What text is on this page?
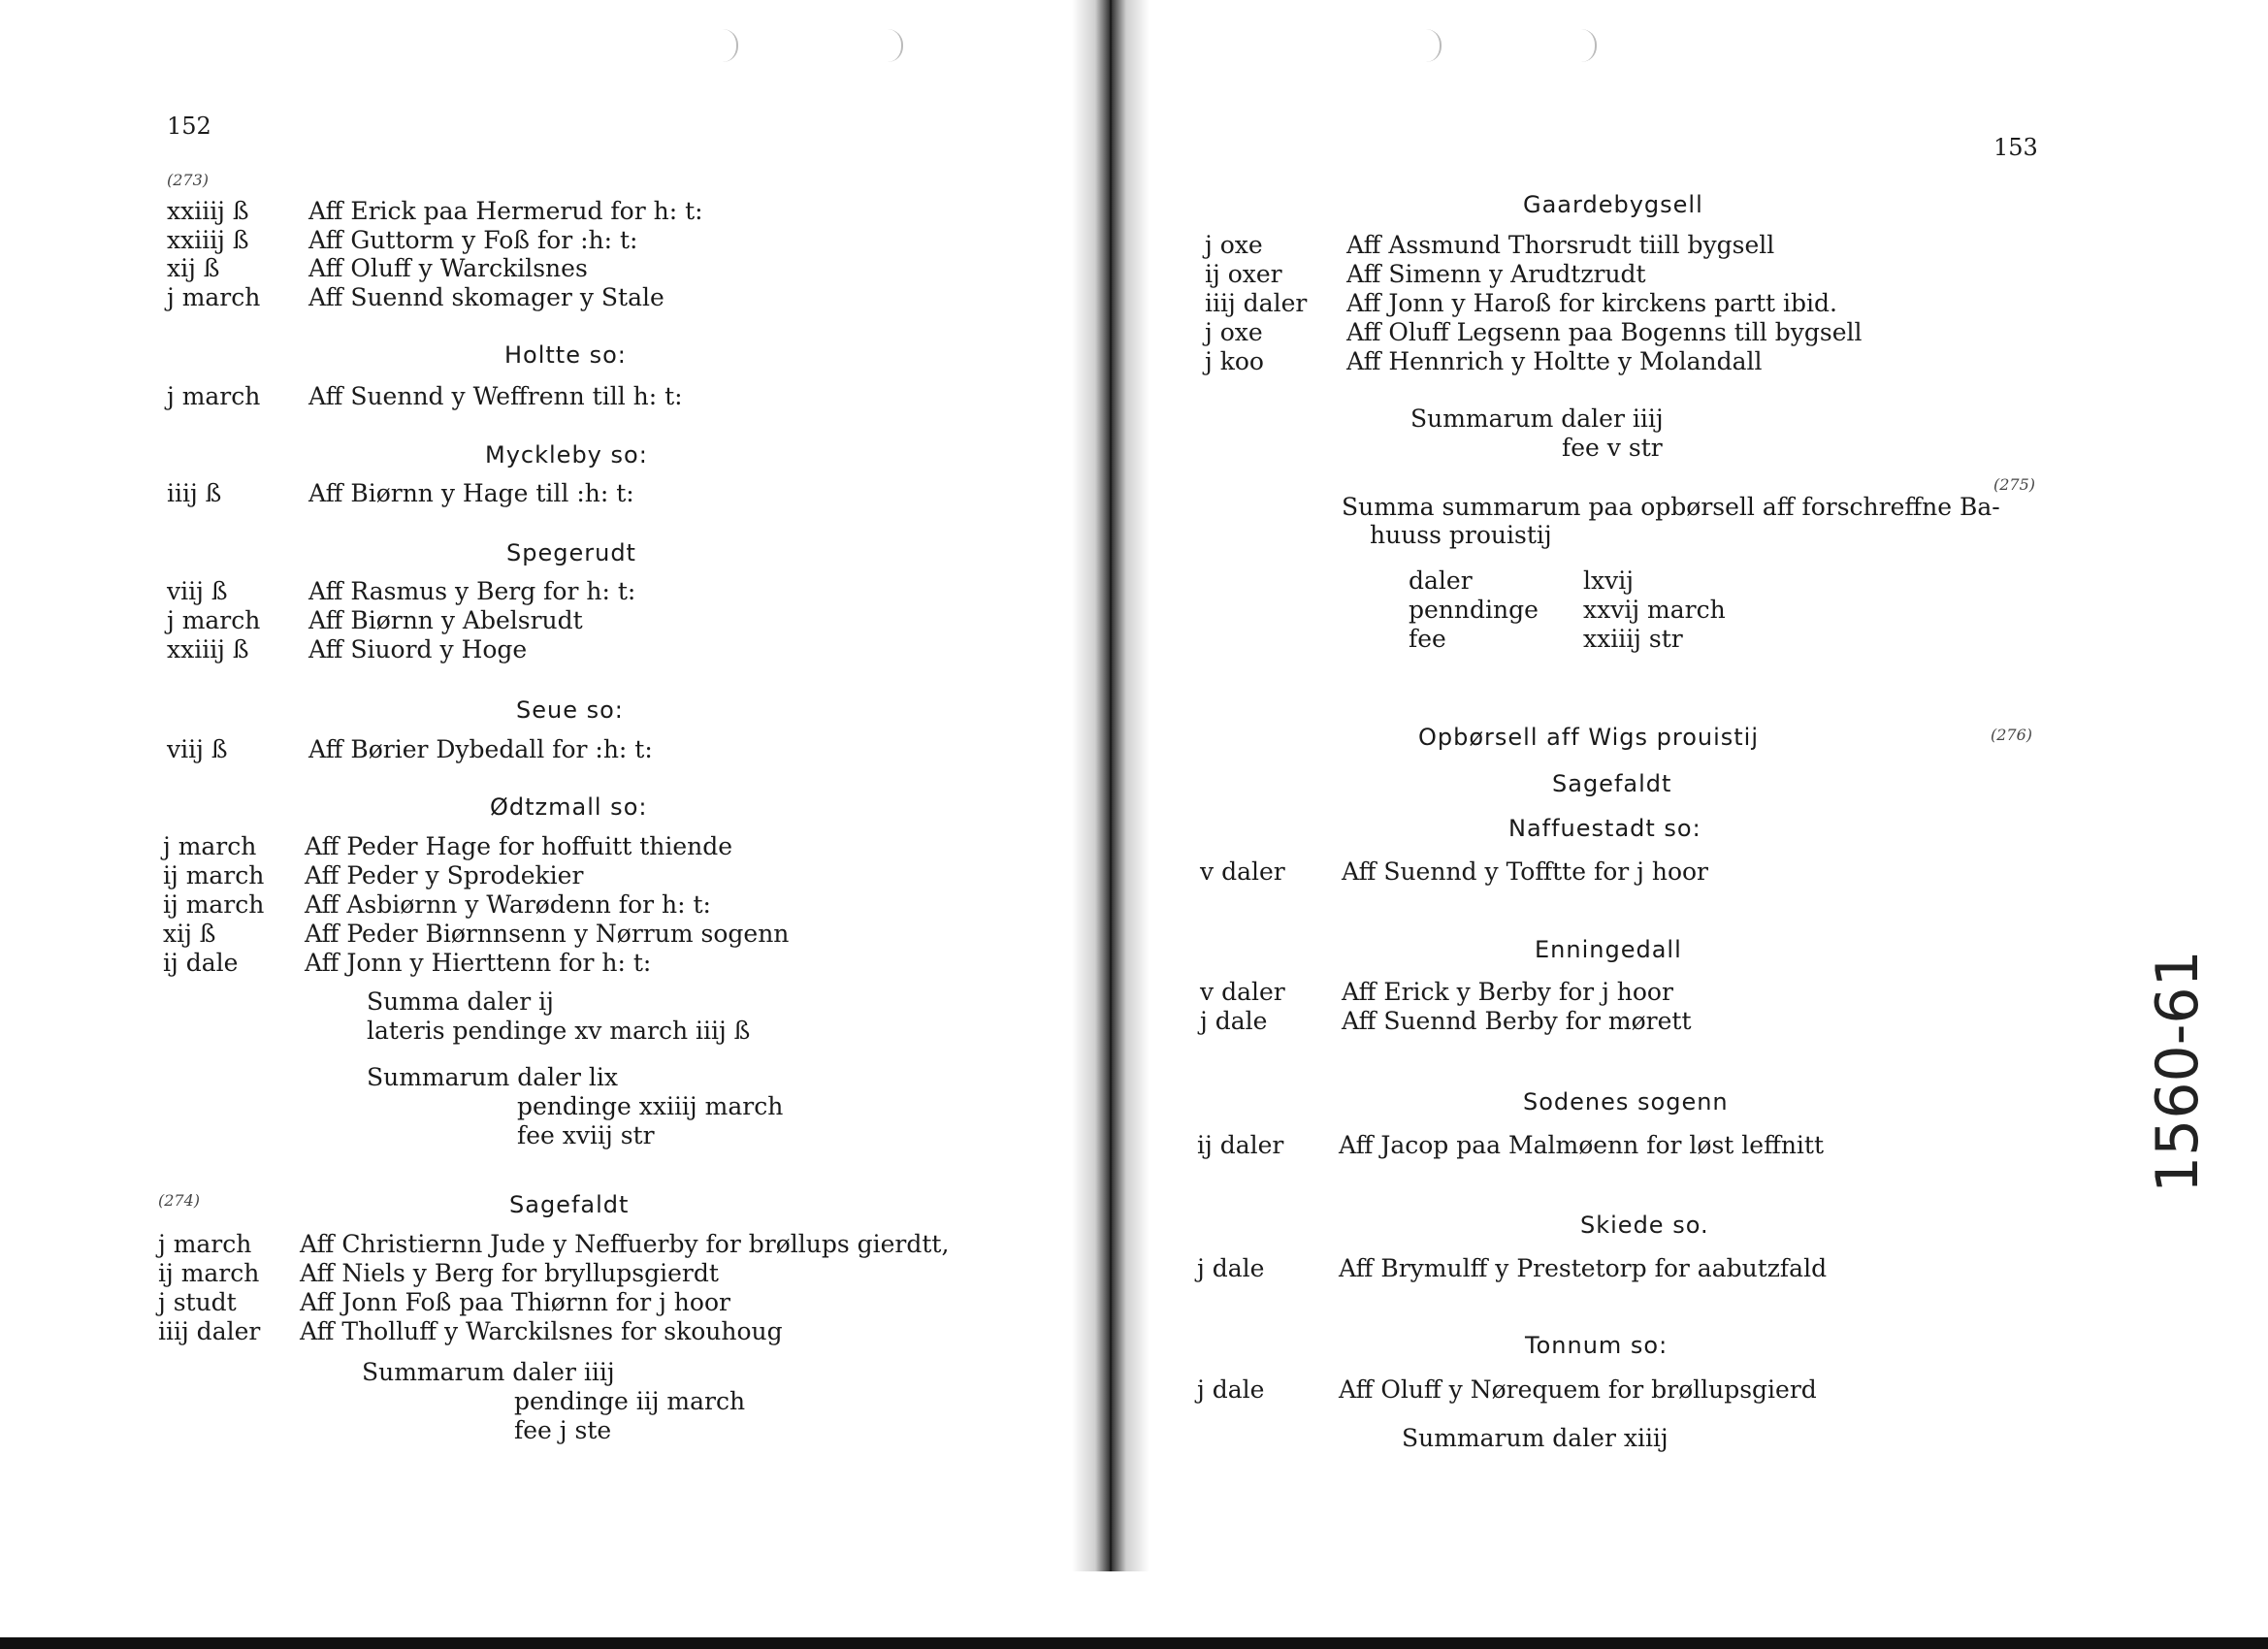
152
(273)
xxiiij ß Aff Erick paa Hermerud for h: t:
xxiiij ß Aff Guttorm y Foß for :h: t:
xij ß	Aff Oluff y Warckilsnes
j march Aff Suennd skomager y Stale
Holtte so:
j march Aff Suennd y Weffrenn till h: t:
Myckleby so:
iiij ß	Aff Biørnn y Hage till :h: t:
Spegerudt
viij ß	Aff Rasmus y Berg for h: t:
j march Aff Biørnn y Abelsrudt
xxiiij ß Aff Siuord y Hoge
Seue so:
viij ß	Aff Børier Dybedall for :h: t:
Ødtzmall so:
j march Aff Peder Hage for hoffuitt thiende
ij march Aff Peder y Sprodekier
ij march Aff Asbiørnn y Warødenn for h: t:
xij ß	Aff Peder Biørnnsenn y Nørrum sogenn
ij dale	Aff Jonn y Hierttenn for h: t:
Summa daler ij
lateris pendinge xv march iiij ß
Summarum daler lix
pendinge xxiiij march
fee xviij str
(274)	Sagefaldt
j march Aff Christiernn Jude y Neffuerby for brøllups gierdtt,
ij march Aff Niels y Berg for bryllupsgierdt
j studt	Aff Jonn Foß paa Thiørnn for j hoor
iiij daler Aff Tholluff y Warckilsnes for skouhoug
Summarum daler iiij
pendinge iij march
fee j ste
153
Gaardebygsell
j oxe	Aff Assmund Thorsrudt tiill bygsell
ij oxer	Aff Simenn y Arudtzrudt
iiij daler Aff Jonn y Haroß for kirckens partt ibid.
j oxe	Aff Oluff Legsenn paa Bogenns till bygsell
j koo	Aff Hennrich y Holtte y Molandall
Summarum daler iiij
fee v str
(275)
Summa summarum paa opbørsell aff forschreffne Ba-
huuss prouistij
daler	lxvij
penndinge xxvij march
fee	xxiiij str
Opbørsell aff Wigs prouistij	(276)
Sagefaldt
Naffuestadt so:
v daler Aff Suennd y Tofftte for j hoor
Enningedall
v daler Aff Erick y Berby for j hoor
j dale	Aff Suennd Berby for mørett
Sodenes sogenn
ij daler Aff Jacop paa Malmøenn for løst leffnitt
Skiede so.
j dale	Aff Brymulff y Prestetorp for aabutzfald
Tonnum so:
j dale	Aff Oluff y Nørequem for brøllupsgierd
Summarum daler xiiij
1560-61
